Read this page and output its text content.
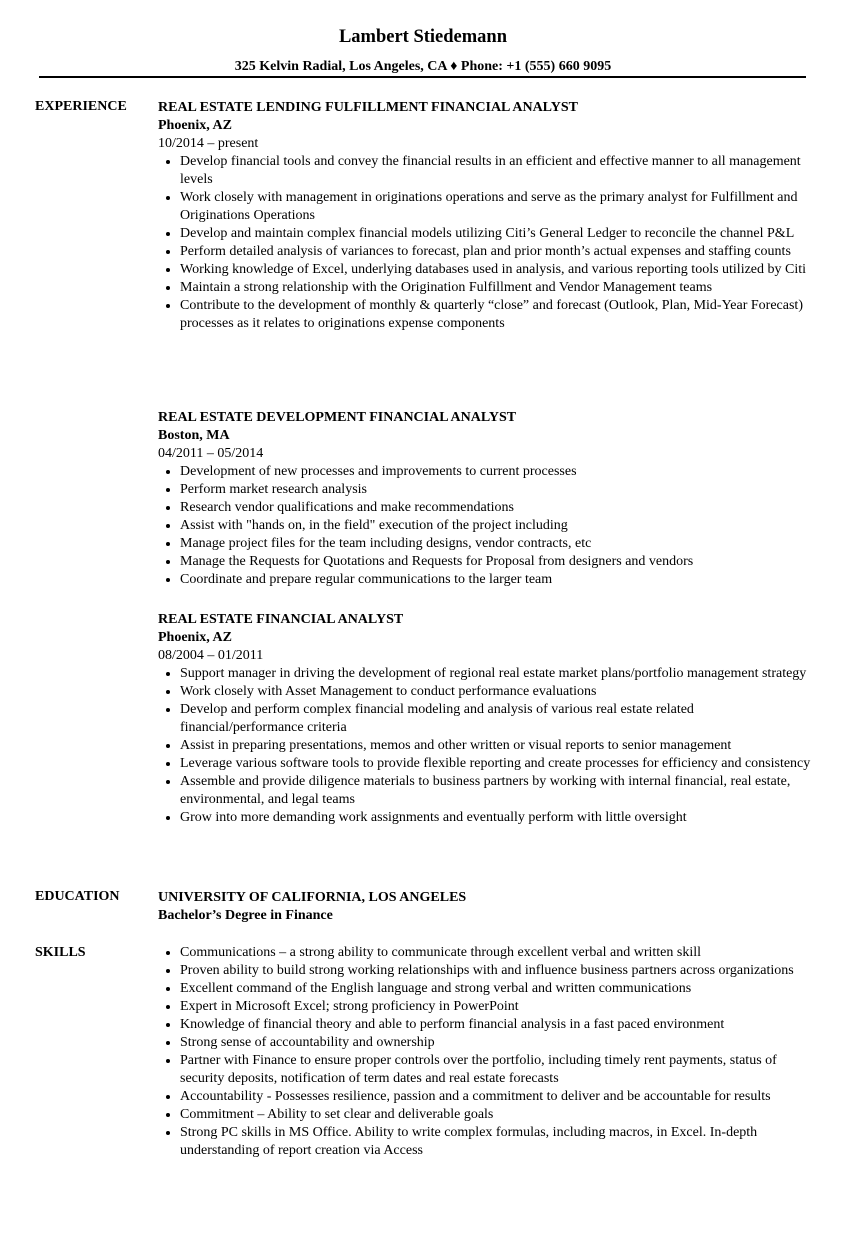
Lambert Stiedemann
325 Kelvin Radial, Los Angeles, CA ♦ Phone: +1 (555) 660 9095
EXPERIENCE REAL ESTATE LENDING FULFILLMENT FINANCIAL ANALYST
Phoenix, AZ
10/2014 – present
• Develop financial tools and convey the financial results in an efficient and effective manner to all management levels
• Work closely with management in originations operations and serve as the primary analyst for Fulfillment and Originations Operations
• Develop and maintain complex financial models utilizing Citi’s General Ledger to reconcile the channel P&L
• Perform detailed analysis of variances to forecast, plan and prior month’s actual expenses and staffing counts
• Working knowledge of Excel, underlying databases used in analysis, and various reporting tools utilized by Citi
• Maintain a strong relationship with the Origination Fulfillment and Vendor Management teams
• Contribute to the development of monthly & quarterly “close” and forecast (Outlook, Plan, Mid-Year Forecast) processes as it relates to originations expense components
REAL ESTATE DEVELOPMENT FINANCIAL ANALYST
Boston, MA
04/2011 – 05/2014
• Development of new processes and improvements to current processes
• Perform market research analysis
• Research vendor qualifications and make recommendations
• Assist with "hands on, in the field" execution of the project including
• Manage project files for the team including designs, vendor contracts, etc
• Manage the Requests for Quotations and Requests for Proposal from designers and vendors
• Coordinate and prepare regular communications to the larger team
REAL ESTATE FINANCIAL ANALYST
Phoenix, AZ
08/2004 – 01/2011
• Support manager in driving the development of regional real estate market plans/portfolio management strategy
• Work closely with Asset Management to conduct performance evaluations
• Develop and perform complex financial modeling and analysis of various real estate related financial/performance criteria
• Assist in preparing presentations, memos and other written or visual reports to senior management
• Leverage various software tools to provide flexible reporting and create processes for efficiency and consistency
• Assemble and provide diligence materials to business partners by working with internal financial, real estate, environmental, and legal teams
• Grow into more demanding work assignments and eventually perform with little oversight
EDUCATION	UNIVERSITY OF CALIFORNIA, LOS ANGELES
Bachelor’s Degree in Finance
SKILLS
•	Communications – a strong ability to communicate through excellent verbal and written skill
• Proven ability to build strong working relationships with and influence business partners across organizations
• Excellent command of the English language and strong verbal and written communications
• Expert in Microsoft Excel; strong proficiency in PowerPoint
• Knowledge of financial theory and able to perform financial analysis in a fast paced environment
• Strong sense of accountability and ownership
• Partner with Finance to ensure proper controls over the portfolio, including timely rent payments, status of security deposits, notification of term dates and real estate forecasts
• Accountability - Possesses resilience, passion and a commitment to deliver and be accountable for results
• Commitment – Ability to set clear and deliverable goals
• Strong PC skills in MS Office. Ability to write complex formulas, including macros, in Excel. In-depth understanding of report creation via Access
